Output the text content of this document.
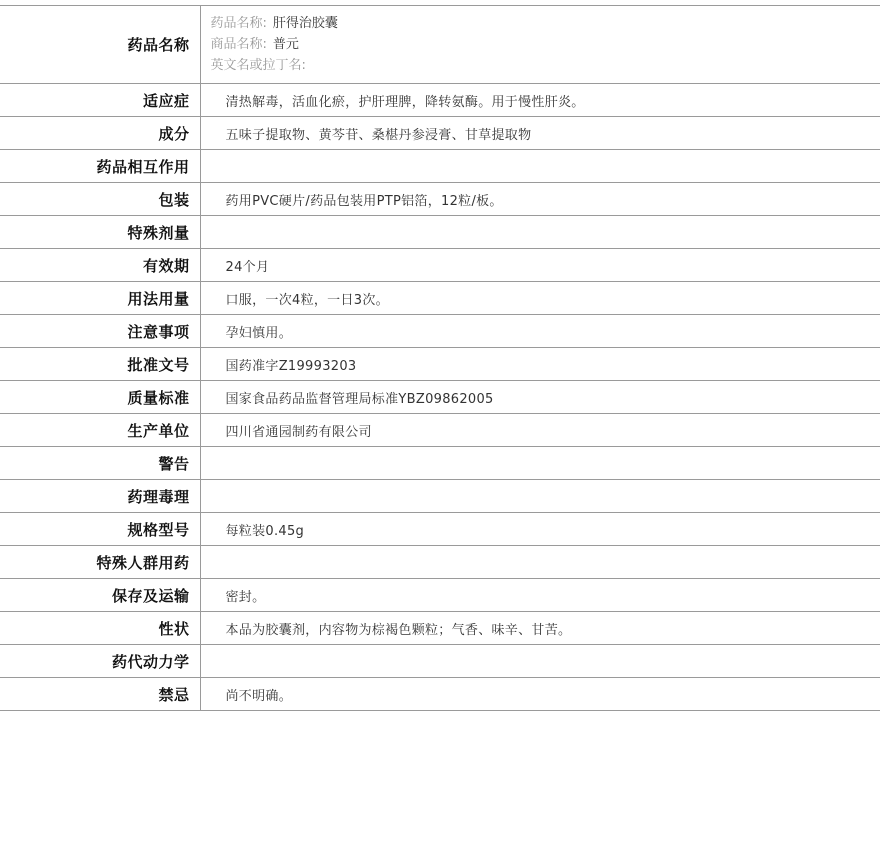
药品名称	药品名称: 肝得治胶囊
商品名称: 普元
英文名或拉丁名:

适应症	清热解毒，活血化瘀，护肝理脾，降转氨酶。用于慢性肝炎。
成分	五味子提取物、黄芩苷、桑椹丹参浸膏、甘草提取物
药品相互作用	
包装	药用PVC硬片/药品包装用PTP铝箔，12粒/板。
特殊剂量	
有效期	24个月
用法用量	口服，一次4粒，一日3次。
注意事项	孕妇慎用。
批准文号	国药准字Z19993203
质量标准	国家食品药品监督管理局标准YBZ09862005
生产单位	四川省通园制药有限公司
警告	
药理毒理	
规格型号	每粒装0.45g
特殊人群用药	
保存及运输	密封。
性状	本品为胶囊剂，内容物为棕褐色颗粒；气香、味辛、甘苦。
药代动力学	
禁忌	尚不明确。
